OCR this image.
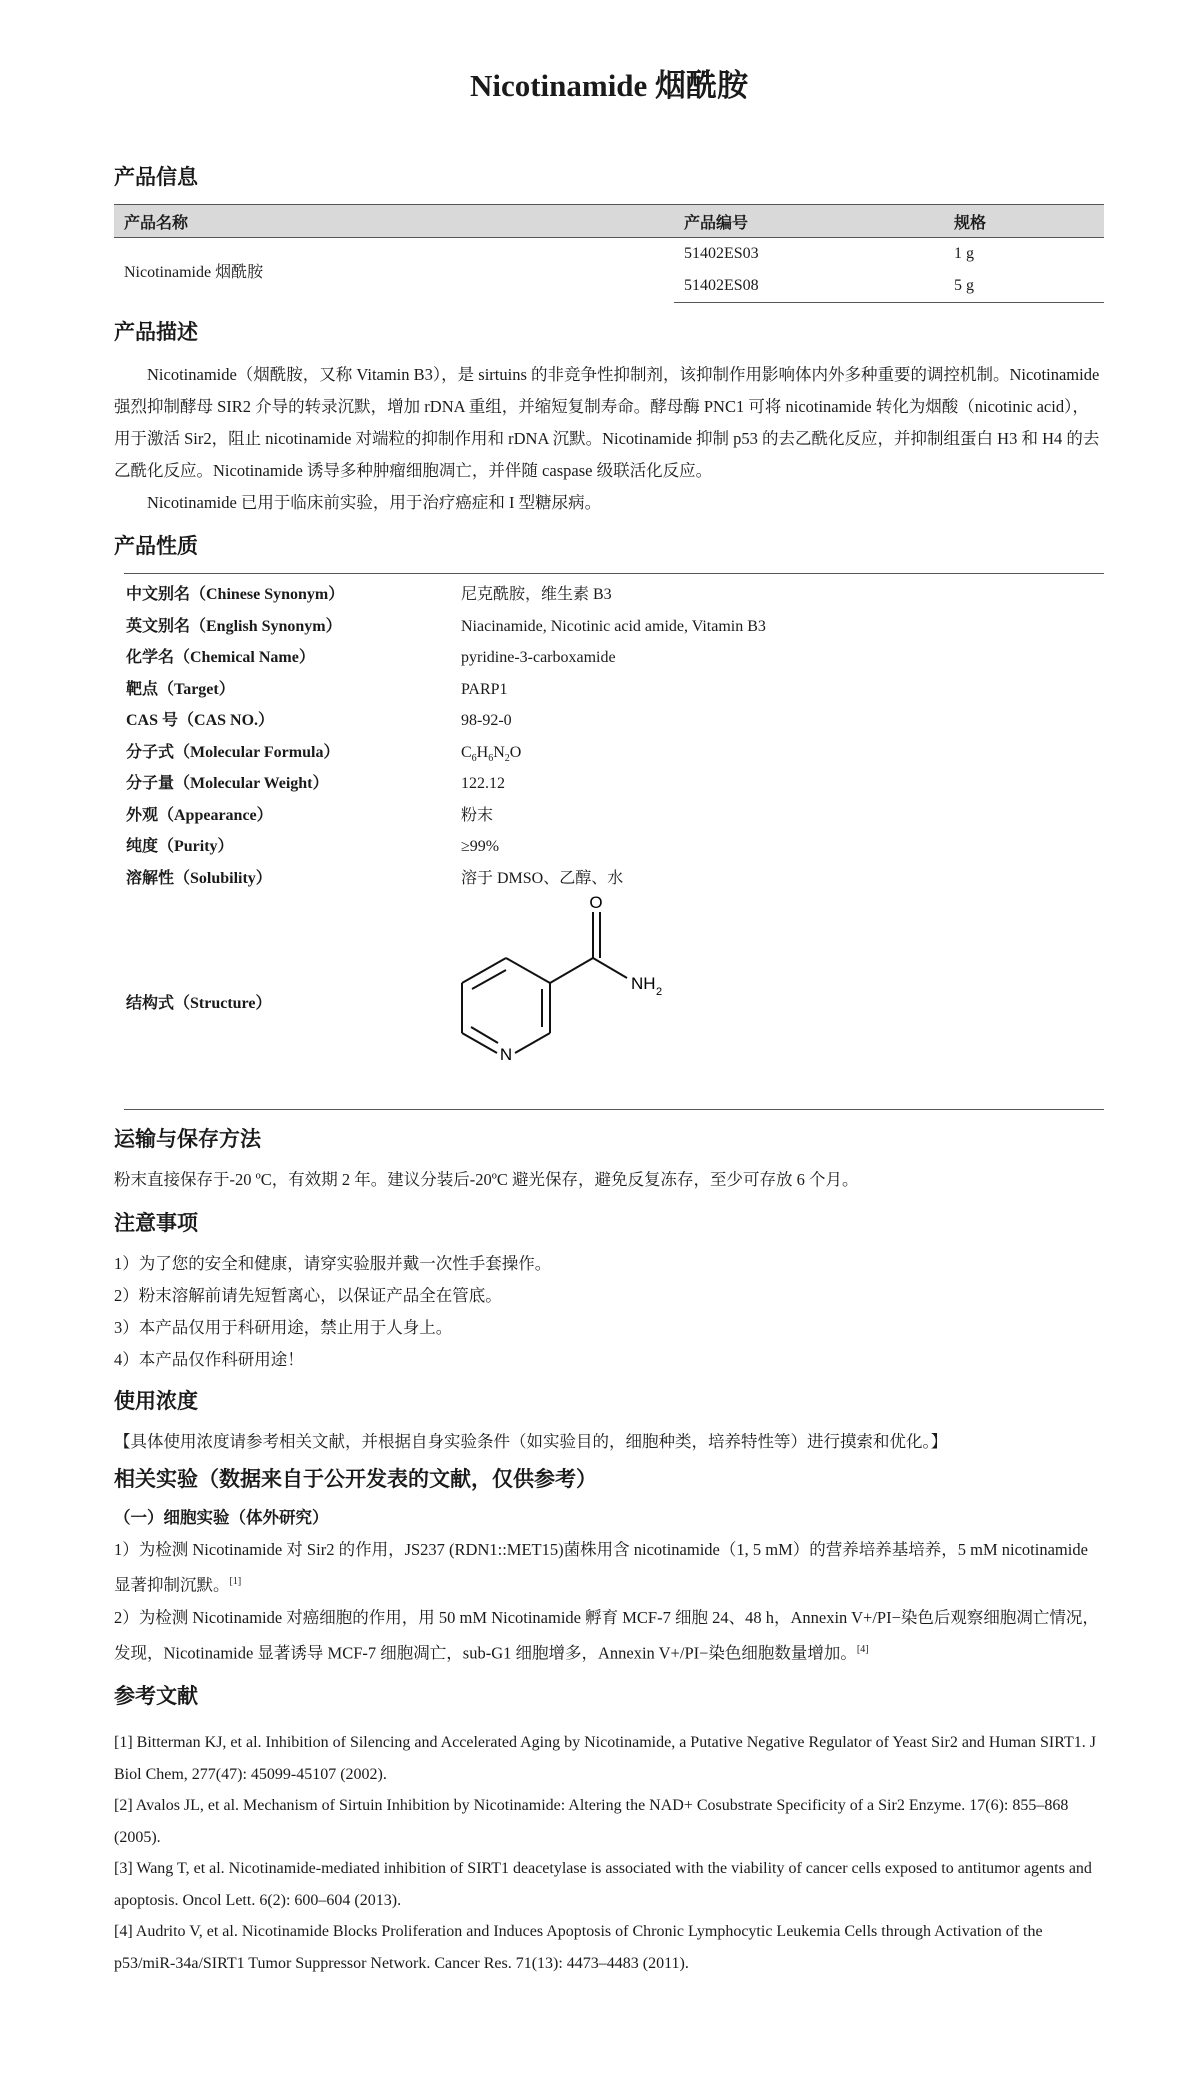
Nicotinamide 烟酰胺
产品信息
产品名称	产品编号	规格
Nicotinamide 烟酰胺	51402ES03	1 g
	51402ES08	5 g
产品描述

Nicotinamide（烟酰胺，又称 Vitamin B3），是 sirtuins 的非竞争性抑制剂，该抑制作用影响体内外多种重要的调控机制。Nicotinamide 强烈抑制酵母 SIR2 介导的转录沉默，增加 rDNA 重组，并缩短复制寿命。酵母酶 PNC1 可将 nicotinamide 转化为烟酸（nicotinic acid），用于激活 Sir2，阻止 nicotinamide 对端粒的抑制作用和 rDNA 沉默。Nicotinamide 抑制 p53 的去乙酰化反应，并抑制组蛋白 H3 和 H4 的去乙酰化反应。Nicotinamide 诱导多种肿瘤细胞凋亡，并伴随 caspase 级联活化反应。

Nicotinamide 已用于临床前实验，用于治疗癌症和 I 型糖尿病。

产品性质
中文别名（Chinese Synonym）	尼克酰胺，维生素 B3
英文别名（English Synonym）	Niacinamide, Nicotinic acid amide, Vitamin B3
化学名（Chemical Name）	pyridine-3-carboxamide
靶点（Target）	PARP1
CAS 号（CAS NO.）	98-92-0
分子式（Molecular Formula）	$C_6H_6N_2O$
分子量（Molecular Weight）	122.12
外观（Appearance）	粉末
纯度（Purity）	≥99%
溶解性（Solubility）	溶于 DMSO、乙醇、水
结构式（Structure）
O
NH 2
N
运输与保存方法

粉末直接保存于-20 ºC，有效期 2 年。建议分装后-20ºC 避光保存，避免反复冻存，至少可存放 6 个月。

注意事项

1）为了您的安全和健康，请穿实验服并戴一次性手套操作。

2）粉末溶解前请先短暂离心，以保证产品全在管底。

3）本产品仅用于科研用途，禁止用于人身上。

4）本产品仅作科研用途！

使用浓度

【具体使用浓度请参考相关文献，并根据自身实验条件（如实验目的，细胞种类，培养特性等）进行摸索和优化。】

相关实验（数据来自于公开发表的文献，仅供参考）

（一）细胞实验（体外研究）

1）为检测 Nicotinamide 对 Sir2 的作用，JS237 (RDN1::MET15)菌株用含 nicotinamide（1, 5 mM）的营养培养基培养，5 mM nicotinamide 显著抑制沉默。[1]

2）为检测 Nicotinamide 对癌细胞的作用，用 50 mM Nicotinamide 孵育 MCF-7 细胞 24、48 h，Annexin V+/PI−染色后观察细胞凋亡情况，发现，Nicotinamide 显著诱导 MCF-7 细胞凋亡，sub-G1 细胞增多，Annexin V+/PI−染色细胞数量增加。[4]

参考文献

[1] Bitterman KJ, et al. Inhibition of Silencing and Accelerated Aging by Nicotinamide, a Putative Negative Regulator of Yeast Sir2 and Human SIRT1. J Biol Chem, 277(47): 45099-45107 (2002).

[2] Avalos JL, et al. Mechanism of Sirtuin Inhibition by Nicotinamide: Altering the NAD+ Cosubstrate Specificity of a Sir2 Enzyme. 17(6): 855–868 (2005).

[3] Wang T, et al. Nicotinamide-mediated inhibition of SIRT1 deacetylase is associated with the viability of cancer cells exposed to antitumor agents and apoptosis. Oncol Lett. 6(2): 600–604 (2013).

[4] Audrito V, et al. Nicotinamide Blocks Proliferation and Induces Apoptosis of Chronic Lymphocytic Leukemia Cells through Activation of the p53/miR-34a/SIRT1 Tumor Suppressor Network. Cancer Res. 71(13): 4473–4483 (2011).
